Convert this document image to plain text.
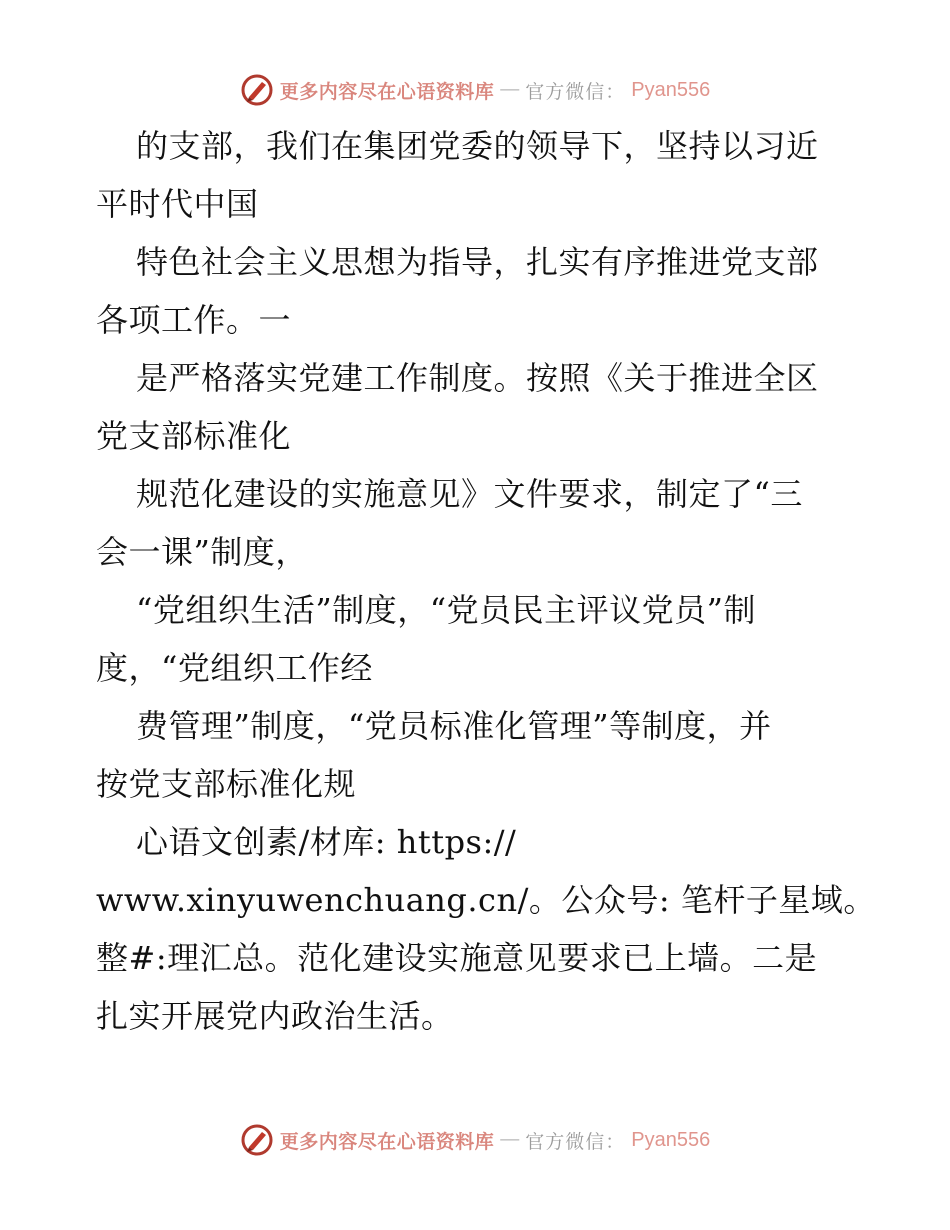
更多内容尽在心语资料库 — 官方微信： Pyan556
的支部，我们在集团党委的领导下，坚持以习近
平时代中国
特色社会主义思想为指导，扎实有序推进党支部
各项工作。一
是严格落实党建工作制度。按照《关于推进全区
党支部标准化
规范化建设的实施意见》文件要求，制定了“三
会一课”制度，
“党组织生活”制度，“党员民主评议党员”制
度，“党组织工作经
费管理”制度，“党员标准化管理”等制度，并
按党支部标准化规
心语文创素/材库: https://
www.xinyuwenchuang.cn/。公众号: 笔杆子星域。
整#:理汇总。范化建设实施意见要求已上墙。二是
扎实开展党内政治生活。
更多内容尽在心语资料库 — 官方微信： Pyan556
